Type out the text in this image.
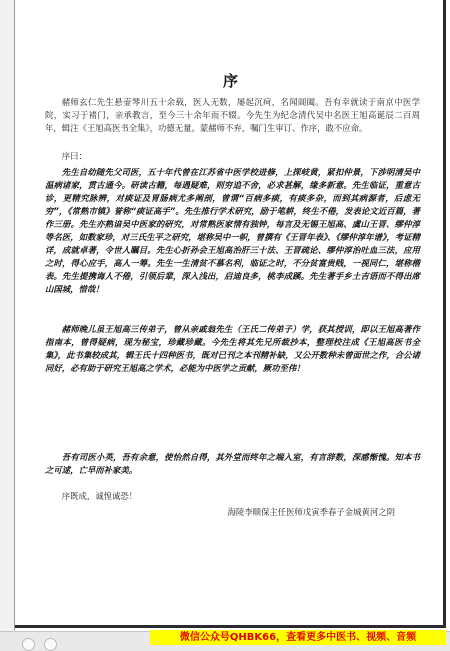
序

赭师玄仁先生悬壶琴川五十余载，医人无数，屡起沉疴，名闻阊阖。吾有幸就读于南京中医学院，实习于褚门，亲承教言，至今三十余年而不辍。今先生为纪念清代吴中名医王旭高诞辰二百周年，辑注《王旭高医书全集》，功德无量。蒙赭师不弃，嘱门生审订、作序，敢不应命。

序曰：

先生自幼随先父司医，五十年代曾在江苏省中医学校进修，上探岐黄，紧扣仲景，下涉明清吴中温病诸家，贯古通今。研读古籍，每遇疑难，则穷追不舍，必求甚解，缘多新意。先生临证，重意古诊，更精究脉辨，对痰证及胃肠病尤多阐剖，曾谓“百病多痰，有痰多杂，而到其病源者，后虑无穷”，《常熟市镇》誉称“痰证高手”。先生推行学术研究，励于笔耕，终生不倦，发表论文近百篇，著作三册。先生亦熟谙吴中医家的研究，对常熟医家情有独钟，每言及无锡王旭高、虞山王晋、缪仲淳等名医，如数家珍，对三氏生平之研究，堪称吴中一帜，曾撰有《王晋年表》、《缪仲淳年谱》，考证精详，成就卓著，令世人瞩目。先生心折孙会王旭高治肝三十法、王晋疏论、缪仲淳治吐血三法，应用之时，得心应手，高人一筹。先生一生清贫不慕名利，临证之时，不分贫富贵贱，一视同仁，堪称楷表。先生提携诲人不倦，引领后辈，深入浅出，启迪良多，桃李成蹊。先生著手乡土吉语而不得出席山国城，惜哉！

赭师晚儿虽王旭高三传弟子，曾从亲戚翁先生（王氏二传弟子）学，获其授训，即以王旭高著作指南本，曾得疑病，现为秘宝，珍藏珍藏。今先生将其先兄所裁抄本，整理校注成《王旭高医书全集》，此书集较成其，辑王氏十四种医书，既对已刊之本刊精补缺，又公开数种未曾面世之作，合公诸同好，必有助于研究王旭高之学术，必能为中医学之贡献，厥功至伟！

吾有司医小英，吾有余意，使怡然自得，其外堂而终年之端入室，有言辞数，深感惭愧。知本书之可逑，亡早而补家美。

序既成，诚惶诚恐！

海陵李顺保主任医师戊寅季春子金城黄河之阴
微信公众号QHBK66，查看更多中医书、视频、音频
